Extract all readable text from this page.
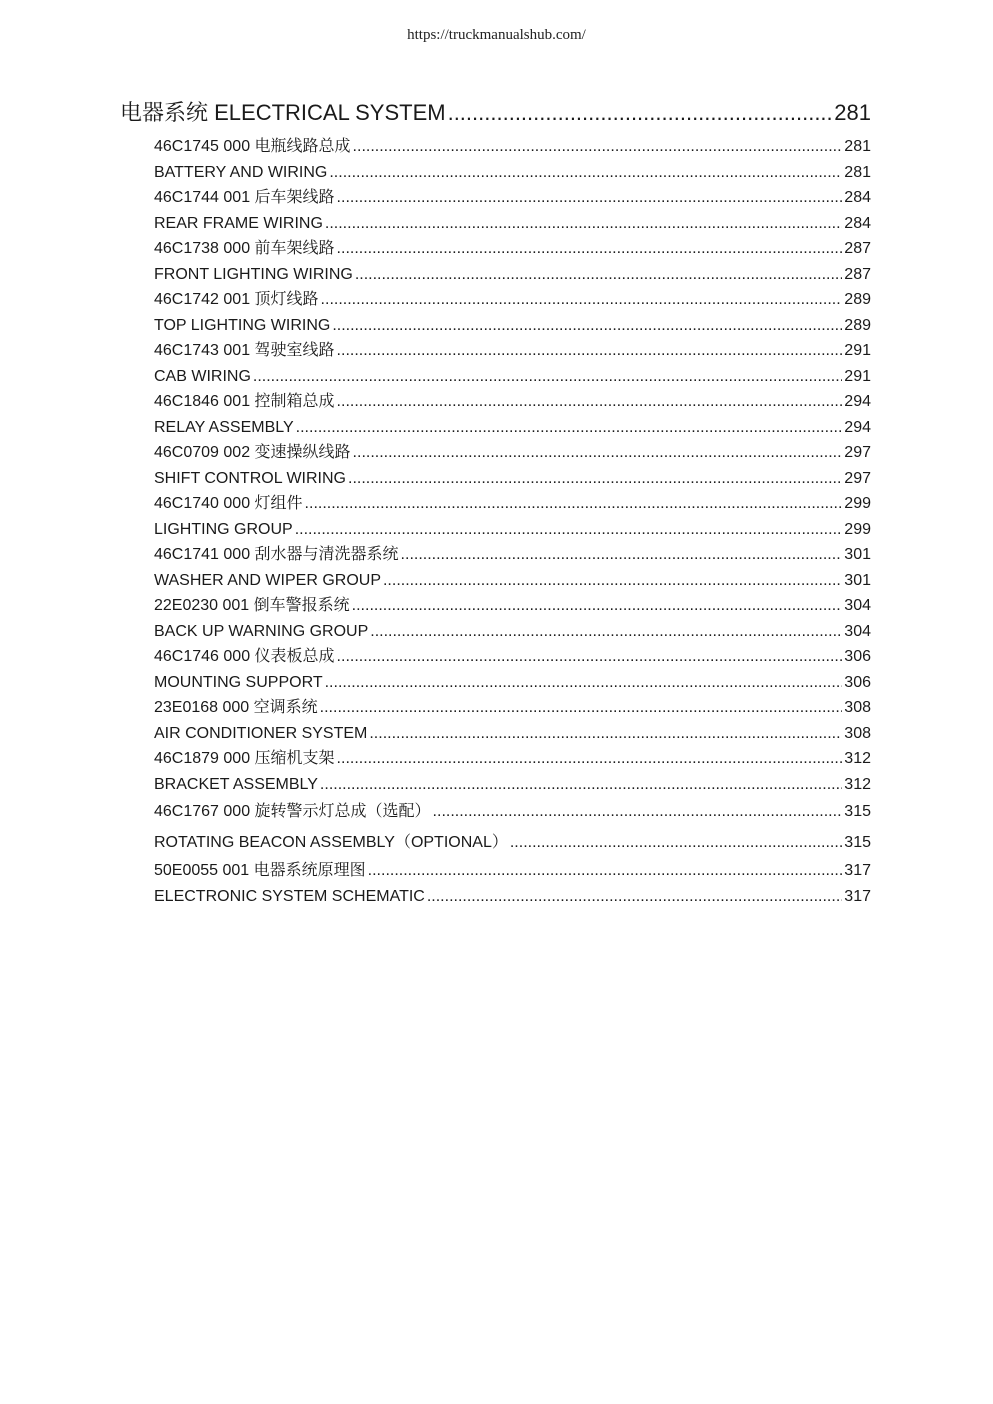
https://truckmanualshub.com/
电器系统 ELECTRICAL SYSTEM .....	281
46C1745 000 电瓶线路总成 .....	281
BATTERY AND WIRING .....	281
46C1744 001 后车架线路 .....	284
REAR FRAME WIRING .....	284
46C1738 000 前车架线路 .....	287
FRONT LIGHTING WIRING .....	287
46C1742 001 顶灯线路 .....	289
TOP LIGHTING WIRING .....	289
46C1743 001 驾驶室线路 .....	291
CAB WIRING .....	291
46C1846 001 控制箱总成 .....	294
RELAY ASSEMBLY .....	294
46C0709 002 变速操纵线路 .....	297
SHIFT CONTROL WIRING .....	297
46C1740 000 灯组件 .....	299
LIGHTING GROUP .....	299
46C1741 000 刮水器与清洗器系统 .....	301
WASHER AND WIPER GROUP .....	301
22E0230 001 倒车警报系统 .....	304
BACK UP WARNING GROUP .....	304
46C1746 000 仪表板总成 .....	306
MOUNTING SUPPORT .....	306
23E0168 000 空调系统 .....	308
AIR CONDITIONER SYSTEM .....	308
46C1879 000 压缩机支架 .....	312
BRACKET ASSEMBLY .....	312
46C1767 000 旋转警示灯总成（选配） .....	315
ROTATING BEACON ASSEMBLY（OPTIONAL） .....	315
50E0055 001 电器系统原理图 .....	317
ELECTRONIC SYSTEM SCHEMATIC .....	317
